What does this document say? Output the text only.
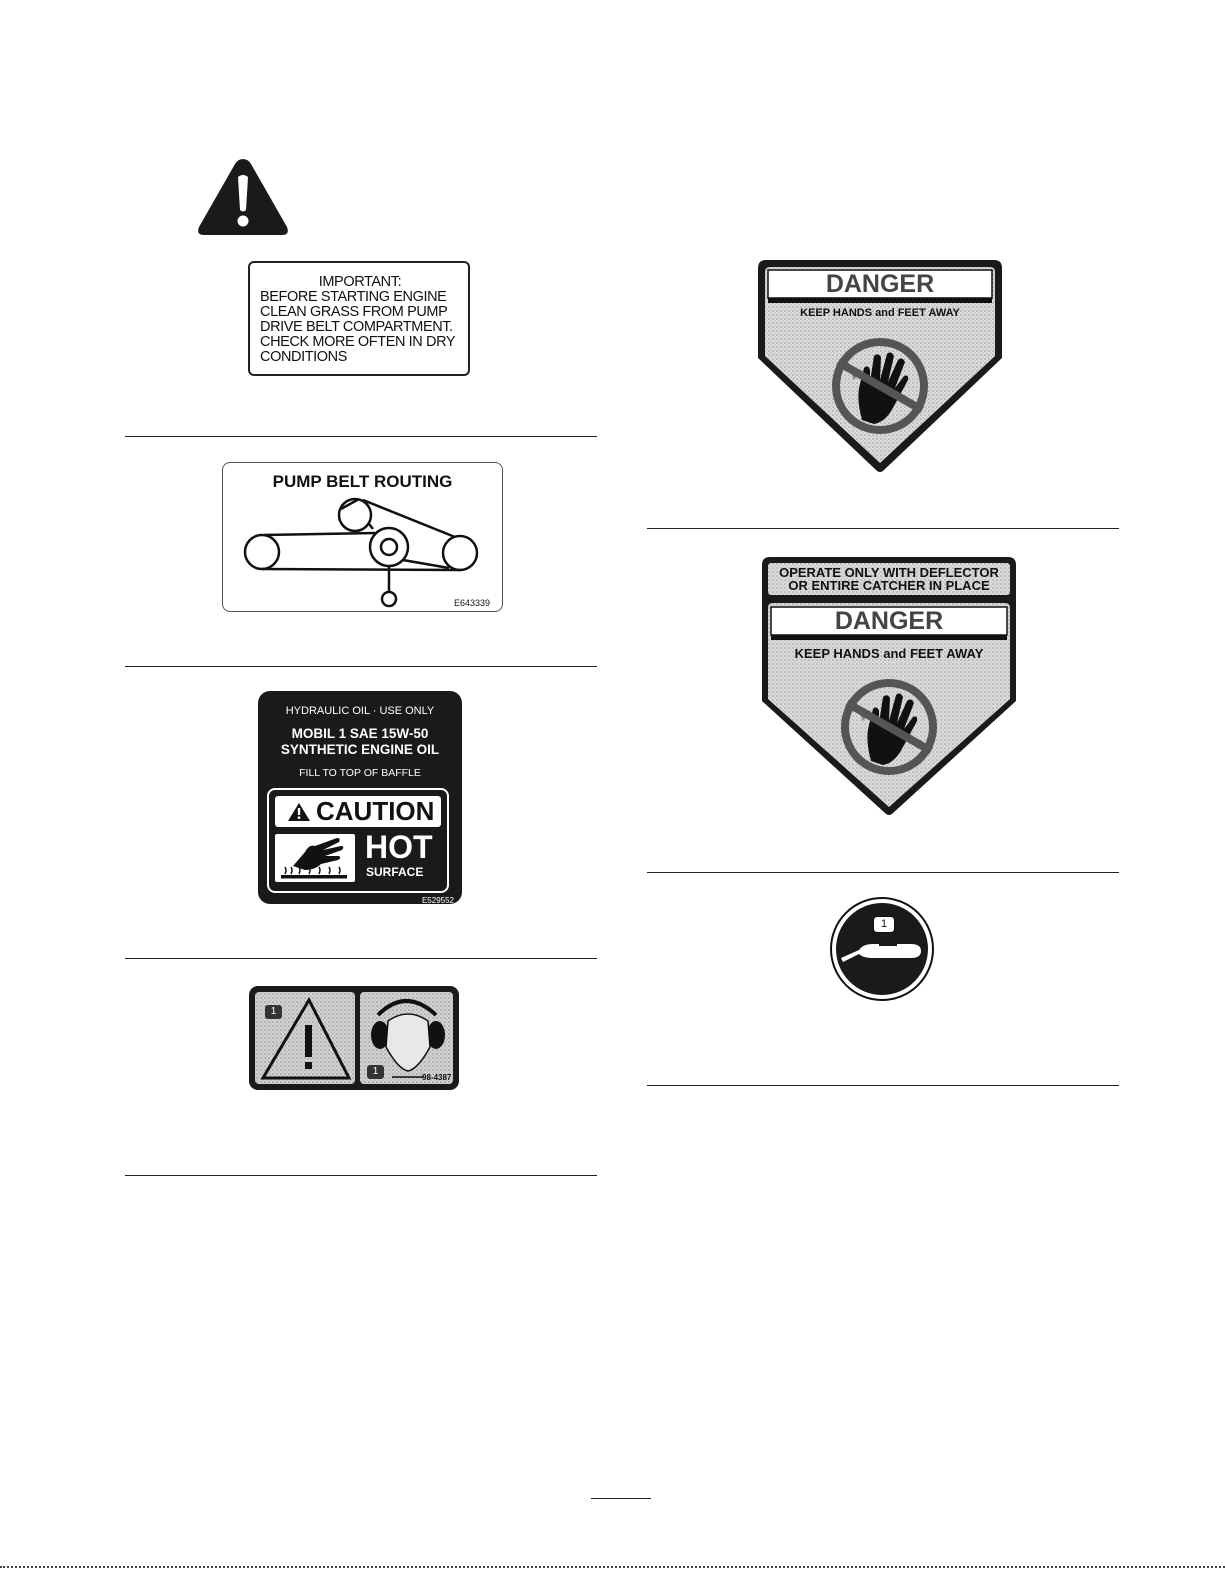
IMPORTANT:
BEFORE STARTING ENGINE
CLEAN GRASS FROM PUMP
DRIVE BELT COMPARTMENT.
CHECK MORE OFTEN IN DRY
CONDITIONS
PUMP BELT ROUTING
E643339
HYDRAULIC OIL · USE ONLY
MOBIL 1 SAE 15W-50
SYNTHETIC ENGINE OIL
FILL TO TOP OF BAFFLE
CAUTION
HOT
SURFACE
E529552
1
1
98-4387
DANGER
KEEP HANDS and FEET AWAY
OPERATE ONLY WITH DEFLECTOR
OR ENTIRE CATCHER IN PLACE
DANGER
KEEP HANDS and FEET AWAY
1
